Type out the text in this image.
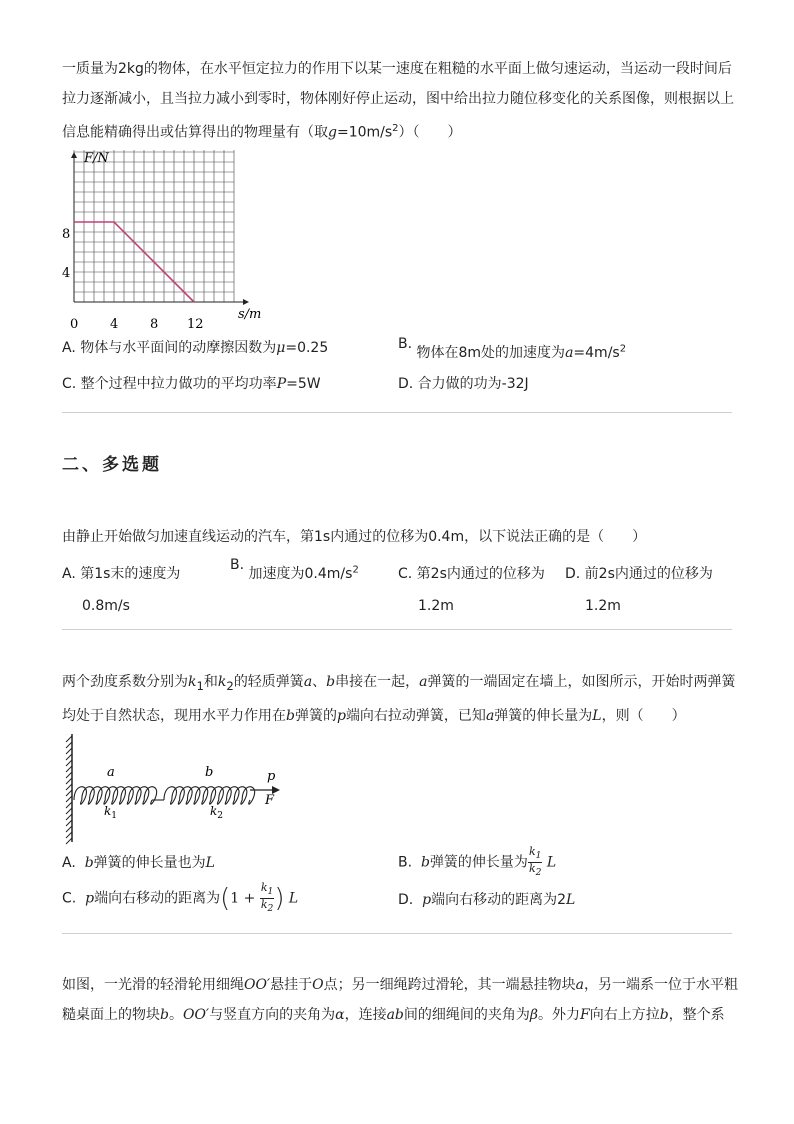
一质量为2kg的物体，在水平恒定拉力的作用下以某一速度在粗糙的水平面上做匀速运动，当运动一段时间后拉力逐渐减小，且当拉力减小到零时，物体刚好停止运动，图中给出拉力随位移变化的关系图像，则根据以上信息能精确得出或估算得出的物理量有（取$g=10m/s^2$）（　　）
F/N
s/m
8
4
0 4 8 12
A. 物体与水平面间的动摩擦因数为μ=0.25	B. 物体在8m处的加速度为$a=4m/s^2$
C. 整个过程中拉力做功的平均功率P=5W	D. 合力做的功为-32J
二、多选题
由静止开始做匀加速直线运动的汽车，第1s内通过的位移为0.4m，以下说法正确的是（　　）
A. 第1s末的速度为
0.8m/s
B. 加速度为$0.4m/s^2$	C. 第2s内通过的位移为
1.2m
D. 前2s内通过的位移为
1.2m
两个劲度系数分别为$k_1$和$k_2$的轻质弹簧a、b串接在一起，a弹簧的一端固定在墙上，如图所示，开始时两弹簧
均处于自然状态，现用水平力作用在b弹簧的p端向右拉动弹簧，已知a弹簧的伸长量为L，则（　　）
a	b	p
F
$k_1$	$k_2$
A. b弹簧的伸长量也为L	B. b弹簧的伸长量为 $\frac{k_1}{k_2}$ L
C. p端向右移动的距离为($1 + \frac{k_1}{k_2}$ ) L	D. p端向右移动的距离为2L
如图，一光滑的轻滑轮用细绳OO′悬挂于O点；另一细绳跨过滑轮，其一端悬挂物块a，另一端系一位于水平粗
糙桌面上的物块b。OO′与竖直方向的夹角为α，连接ab间的细绳间的夹角为β。外力F向右上方拉b，整个系
